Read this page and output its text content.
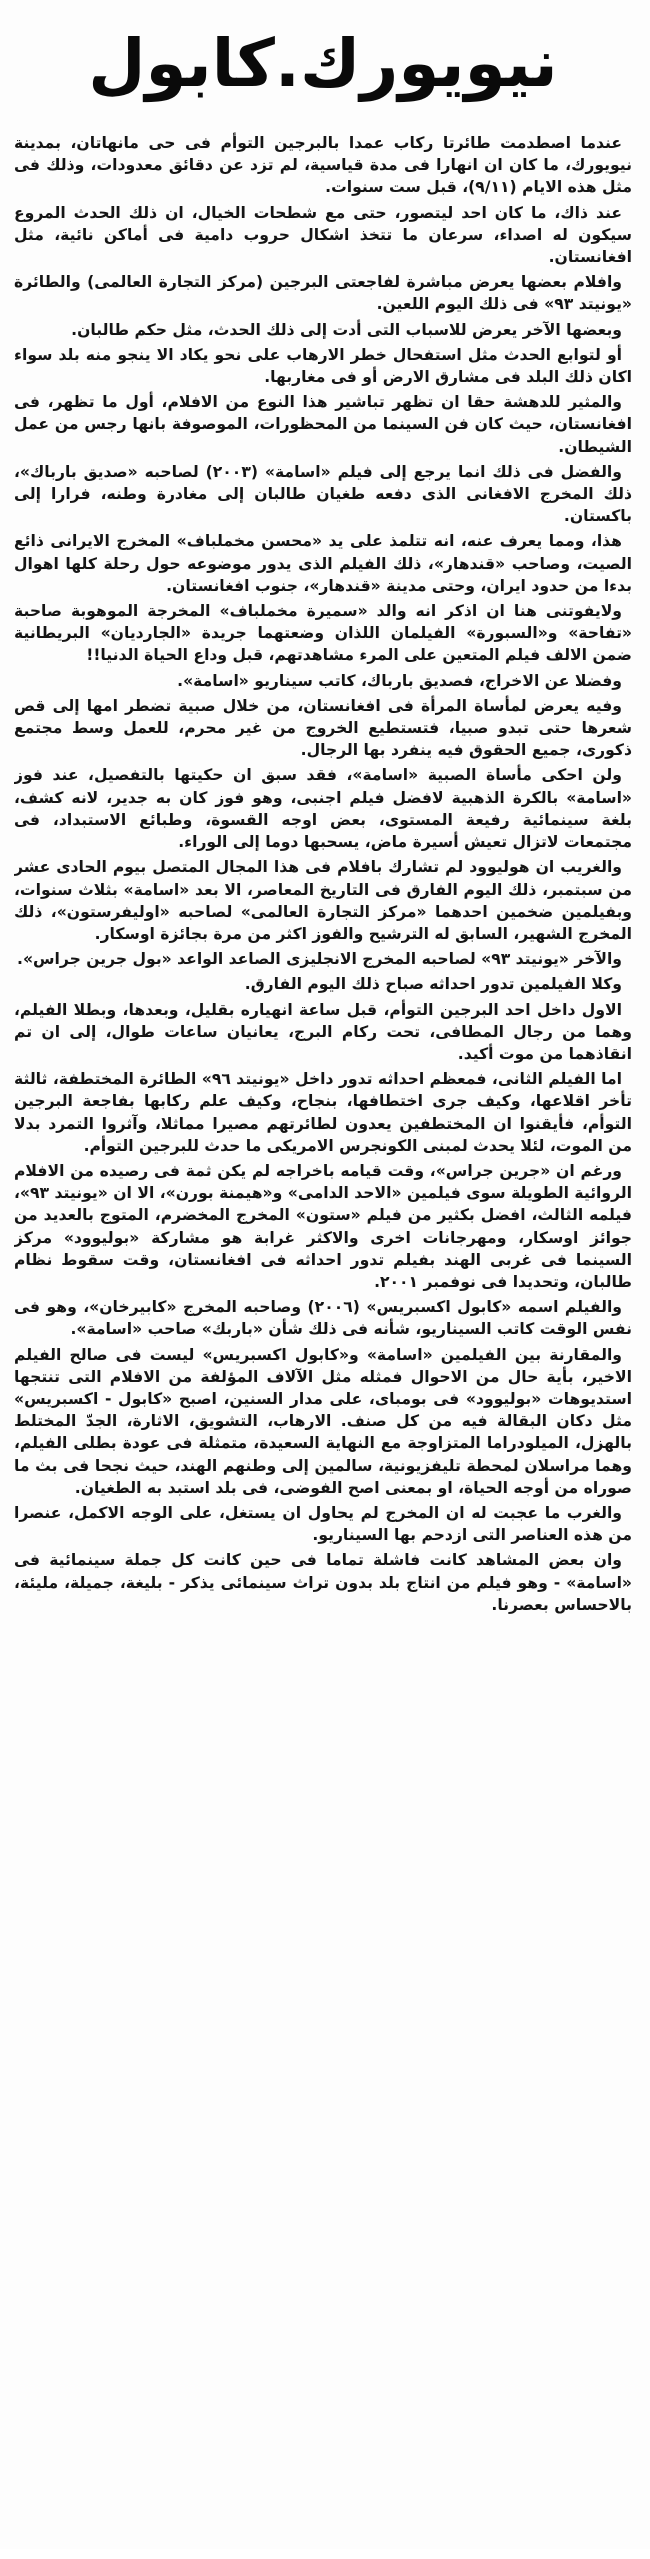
نيويورك.كابول

عندما اصطدمت طائرتا ركاب عمدا بالبرجين التوأم فى حى مانهاتان، بمدينة نيويورك، ما كان ان انهارا فى مدة قياسية، لم تزد عن دقائق معدودات، وذلك فى مثل هذه الايام (٩/١١)، قبل ست سنوات.

عند ذاك، ما كان احد ليتصور، حتى مع شطحات الخيال، ان ذلك الحدث المروع سيكون له اصداء، سرعان ما تتخذ اشكال حروب دامية فى أماكن نائية، مثل افغانستان.

وافلام بعضها يعرض مباشرة لفاجعتى البرجين (مركز التجارة العالمى) والطائرة «يونيتد ٩٣» فى ذلك اليوم اللعين.

وبعضها الآخر يعرض للاسباب التى أدت إلى ذلك الحدث، مثل حكم طالبان.

أو لتوابع الحدث مثل استفحال خطر الارهاب على نحو يكاد الا ينجو منه بلد سواء اكان ذلك البلد فى مشارق الارض أو فى مغاربها.

والمثير للدهشة حقا ان تظهر تباشير هذا النوع من الافلام، أول ما تظهر، فى افغانستان، حيث كان فن السينما من المحظورات، الموصوفة بانها رجس من عمل الشيطان.

والفضل فى ذلك انما يرجع إلى فيلم «اسامة» (٢٠٠٣) لصاحبه «صديق بارباك»، ذلك المخرج الافغانى الذى دفعه طغيان طالبان إلى مغادرة وطنه، فرارا إلى باكستان.

هذا، ومما يعرف عنه، انه تتلمذ على يد «محسن مخملباف» المخرج الايرانى ذائع الصيت، وصاحب «قندهار»، ذلك الفيلم الذى يدور موضوعه حول رحلة كلها اهوال بدءا من حدود ايران، وحتى مدينة «قندهار»، جنوب افغانستان.

ولايفوتنى هنا ان اذكر انه والد «سميرة مخملباف» المخرجة الموهوبة صاحبة «تفاحة» و«السبورة» الفيلمان اللذان وضعتهما جريدة «الجارديان» البريطانية ضمن الالف فيلم المتعين على المرء مشاهدتهم، قبل وداع الحياة الدنيا!!

وفضلا عن الاخراج، فصديق بارباك، كاتب سيناريو «اسامة».

وفيه يعرض لمأساة المرأة فى افغانستان، من خلال صبية تضطر امها إلى قص شعرها حتى تبدو صبيا، فتستطيع الخروج من غير محرم، للعمل وسط مجتمع ذكورى، جميع الحقوق فيه ينفرد بها الرجال.

ولن احكى مأساة الصبية «اسامة»، فقد سبق ان حكيتها بالتفصيل، عند فوز «اسامة» بالكرة الذهبية لافضل فيلم اجنبى، وهو فوز كان به جدير، لانه كشف، بلغة سينمائية رفيعة المستوى، بعض اوجه القسوة، وطبائع الاستبداد، فى مجتمعات لاتزال تعيش أسيرة ماض، يسحبها دوما إلى الوراء.

والغريب ان هوليوود لم تشارك بافلام فى هذا المجال المتصل بيوم الحادى عشر من سبتمبر، ذلك اليوم الفارق فى التاريخ المعاصر، الا بعد «اسامة» بثلاث سنوات، وبفيلمين ضخمين احدهما «مركز التجارة العالمى» لصاحبه «اوليفرستون»، ذلك المخرج الشهير، السابق له الترشيح والفوز اكثر من مرة بجائزة اوسكار.

والآخر «يونيتد ٩٣» لصاحبه المخرج الانجليزى الصاعد الواعد «بول جرين جراس».

وكلا الفيلمين تدور احداثه صباح ذلك اليوم الفارق.

الاول داخل احد البرجين التوأم، قبل ساعة انهياره بقليل، وبعدها، وبطلا الفيلم، وهما من رجال المطافى، تحت ركام البرج، يعانيان ساعات طوال، إلى ان تم انقاذهما من موت أكيد.

اما الفيلم الثانى، فمعظم احداثه تدور داخل «يونيتد ٩٦» الطائرة المختطفة، ثالثة تأخر اقلاعها، وكيف جرى اختطافها، بنجاح، وكيف علم ركابها بفاجعة البرجين التوأم، فأيقنوا ان المختطفين يعدون لطائرتهم مصيرا مماثلا، وآثروا التمرد بدلا من الموت، لئلا يحدث لمبنى الكونجرس الامريكى ما حدث للبرجين التوأم.

ورغم ان «جرين جراس»، وقت قيامه باخراجه لم يكن ثمة فى رصيده من الافلام الروائية الطويلة سوى فيلمين «الاحد الدامى» و«هيمنة بورن»، الا ان «يونيتد ٩٣»، فيلمه الثالث، افضل بكثير من فيلم «ستون» المخرج المخضرم، المتوج بالعديد من جوائز اوسكار، ومهرجانات اخرى والاكثر غرابة هو مشاركة «بوليوود» مركز السينما فى غربى الهند بفيلم تدور احداثه فى افغانستان، وقت سقوط نظام طالبان، وتحديدا فى نوفمبر ٢٠٠١.

والفيلم اسمه «كابول اكسبريس» (٢٠٠٦) وصاحبه المخرج «كابيرخان»، وهو فى نفس الوقت كاتب السيناريو، شأنه فى ذلك شأن «باربك» صاحب «اسامة».

والمقارنة بين الفيلمين «اسامة» و«كابول اكسبريس» ليست فى صالح الفيلم الاخير، بأية حال من الاحوال فمثله مثل الآلاف المؤلفة من الافلام التى تنتجها استديوهات «بوليوود» فى بومباى، على مدار السنين، اصبح «كابول - اكسبريس» مثل دكان البقالة فيه من كل صنف. الارهاب، التشويق، الاثارة، الجدّ المختلط بالهزل، الميلودراما المتزاوجة مع النهاية السعيدة، متمثلة فى عودة بطلى الفيلم، وهما مراسلان لمحطة تليفزيونية، سالمين إلى وطنهم الهند، حيث نجحا فى بث ما صوراه من أوجه الحياة، او بمعنى اصح الفوضى، فى بلد استبد به الطغيان.

والغرب ما عجبت له ان المخرج لم يحاول ان يستغل، على الوجه الاكمل، عنصرا من هذه العناصر التى ازدحم بها السيناريو.

وان بعض المشاهد كانت فاشلة تماما فى حين كانت كل جملة سينمائية فى «اسامة» - وهو فيلم من انتاج بلد بدون تراث سينمائى يذكر - بليغة، جميلة، مليئة، بالاحساس بعصرنا.
